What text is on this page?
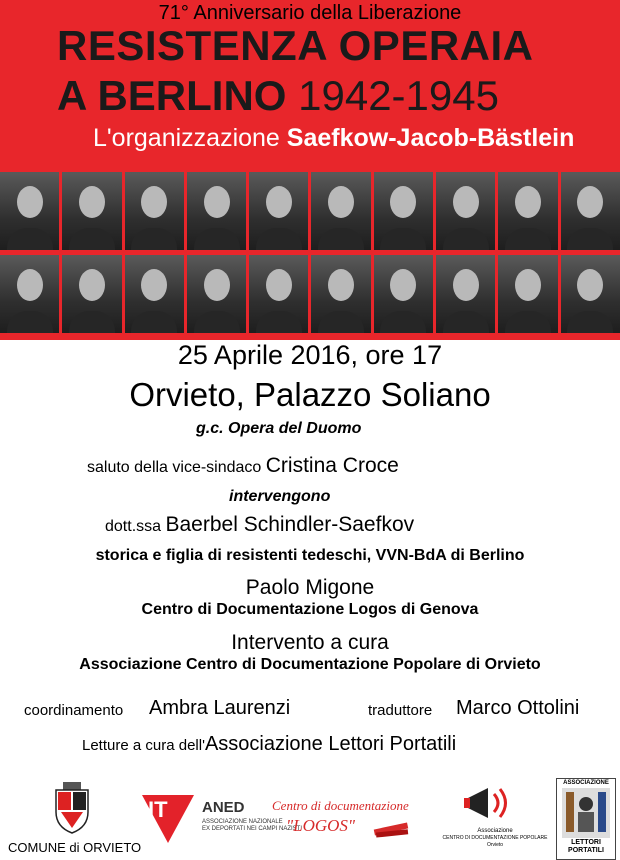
71° Anniversario della Liberazione
RESISTENZA OPERAIA
A BERLINO 1942-1945
L'organizzazione Saefkow-Jacob-Bästlein
25 Aprile 2016, ore 17
Orvieto, Palazzo Soliano
g.c. Opera del Duomo
saluto della vice-sindaco Cristina Croce
intervengono
dott.ssa Baerbel Schindler-Saefkov
storica e figlia di resistenti tedeschi, VVN-BdA di Berlino
Paolo Migone
Centro di Documentazione Logos di Genova
Intervento a cura
Associazione Centro di Documentazione Popolare di Orvieto
coordinamento Ambra Laurenzi	traduttore Marco Ottolini
Letture a cura dell'Associazione Lettori Portatili
COMUNE di ORVIETO
IT ANED
ASSOCIAZIONE NAZIONALE
EX DEPORTATI NEI CAMPI NAZISTI
Centro di documentazione
"LOGOS"	Associazione
CENTRO DI DOCUMENTAZIONE POPOLARE
Orvieto
ASSOCIAZIONE
LETTORI
PORTATILI
